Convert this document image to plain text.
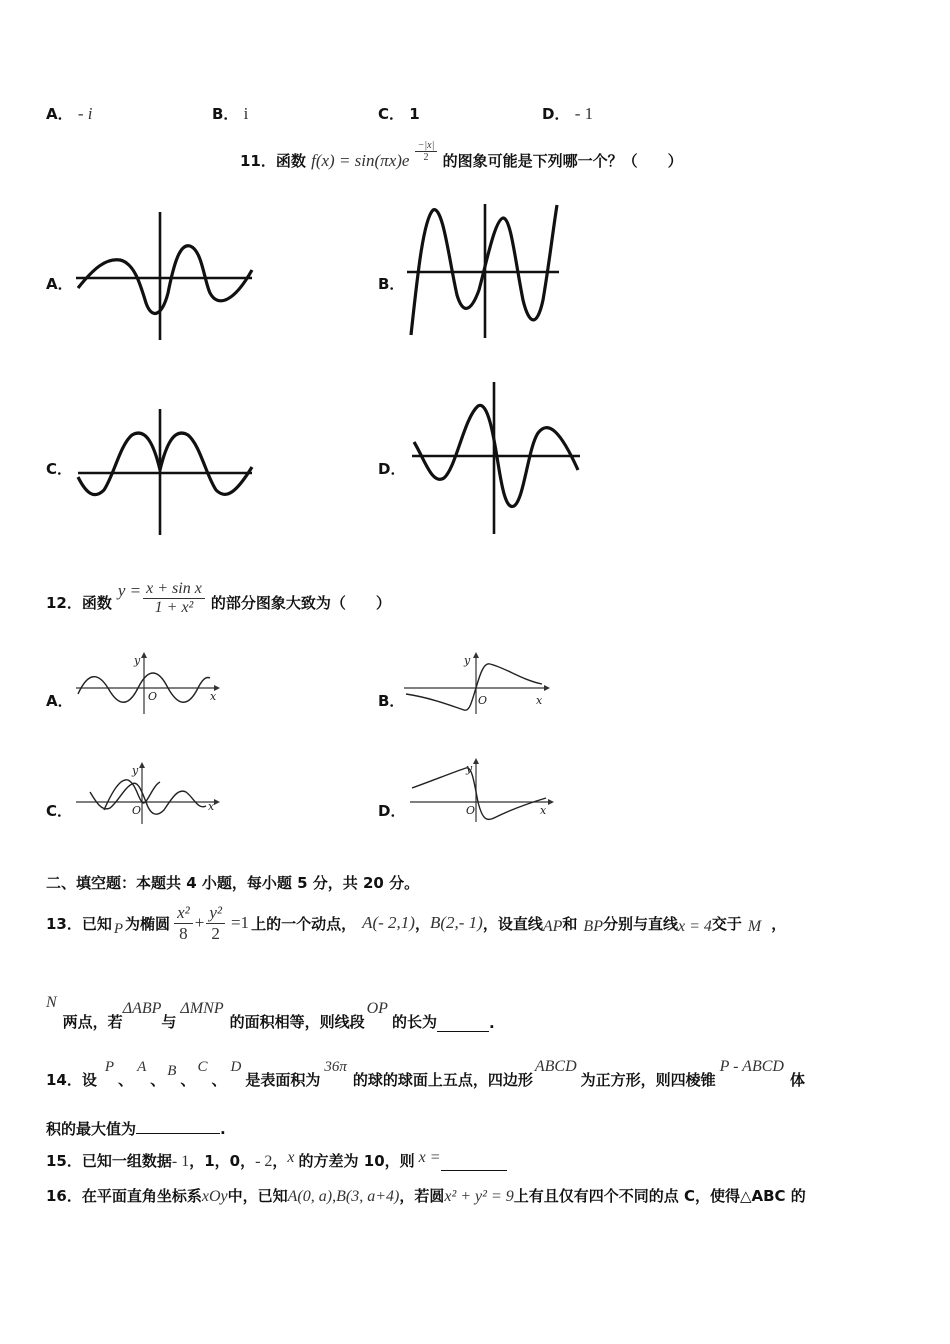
A． - i	B． i	C． 1	D． - 1
11．函数 $f(x) = \sin(\pi x)e \frac{-|x|}{2}$ 的图象可能是下列哪一个？（　　）
A．	B．
C．	D．
12．函数
$y = \frac{\text{x + sin x}}{\text{1 + x²}}$ 的部分图象大致为（　　）
A．	B．
C．	D．
x
y
O	x
y
O
x
y
O	x
y
O
二、填空题：本题共 4 小题，每小题 5 分，共 20 分。
13．已知 P 为椭圆 $\frac{\text{x²}}{8} + \frac{\text{y²}}{2} =1$ 上的一个动点， A(- 2,1) ， B(2,- 1) ，设直线 AP 和 BP 分别与直线 x = 4 交于 M ，
N
两点，若
ΔABP
与
ΔMNP
的面积相等，则线段
OP
的长为	.
14．设
P
、
A
、 B 、
C
、
D
是表面积为
36π
的球的球面上五点，四边形
ABCD
为正方形，则四棱锥
P - ABCD
体
积的最大值为	.
15．已知一组数据 - 1 ，1，0， - 2 ， x 的方差为 10，则 x =
16．在平面直角坐标系 xOy 中，已知 A(0, a) , B(3, a+4) ，若圆 x² + y² = 9 上有且仅有四个不同的点 C，使得△ABC 的
